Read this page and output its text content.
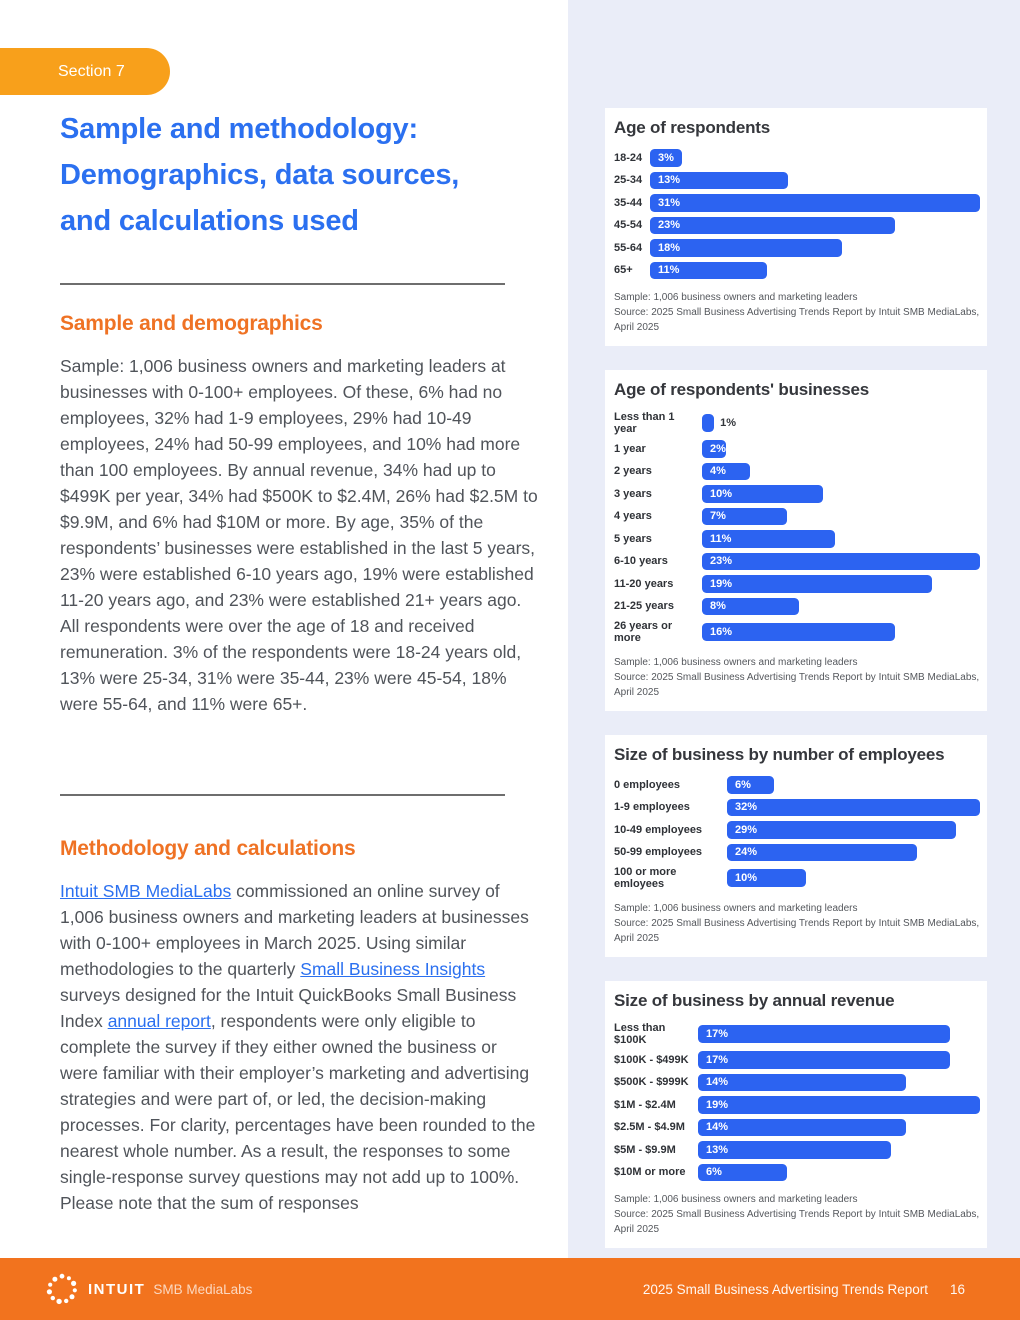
Section 7
Sample and methodology:
Demographics, data sources,
and calculations used
Sample and demographics

Sample: 1,006 business owners and marketing leaders at businesses with 0-100+ employees. Of these, 6% had no employees, 32% had 1-9 employees, 29% had 10-49 employees, 24% had 50-99 employees, and 10% had more than 100 employees. By annual revenue, 34% had up to $499K per year, 34% had $500K to $2.4M, 26% had $2.5M to $9.9M, and 6% had $10M or more. By age, 35% of the respondents’ businesses were established in the last 5 years, 23% were established 6-10 years ago, 19% were established 11-20 years ago, and 23% were established 21+ years ago. All respondents were over the age of 18 and received remuneration. 3% of the respondents were 18-24 years old, 13% were 25-34, 31% were 35-44, 23% were 45-54, 18% were 55-64, and 11% were 65+.

Methodology and calculations

Intuit SMB MediaLabs commissioned an online survey of 1,006 business owners and marketing leaders at businesses with 0-100+ employees in March 2025. Using similar methodologies to the quarterly Small Business Insights surveys designed for the Intuit QuickBooks Small Business Index annual report, respondents were only eligible to complete the survey if they either owned the business or were familiar with their employer’s marketing and advertising strategies and were part of, or led, the decision-making processes. For clarity, percentages have been rounded to the nearest whole number. As a result, the responses to some single-response survey questions may not add up to 100%. Please note that the sum of responses

Age of respondents
18-24	3%
25-34	13%
35-44	31%
45-54	23%
55-64	18%
65+	11%

Sample: 1,006 business owners and marketing leaders

Source: 2025 Small Business Advertising Trends Report by Intuit SMB MediaLabs, April 2025

Age of respondents' businesses
Less than 1 year	1%
1 year	2%
2 years	4%
3 years	10%
4 years	7%
5 years	11%
6-10 years	23%
11-20 years	19%
21-25 years	8%
26 years or more	16%

Sample: 1,006 business owners and marketing leaders

Source: 2025 Small Business Advertising Trends Report by Intuit SMB MediaLabs, April 2025

Size of business by number of employees
0 employees	6%
1-9 employees	32%
10-49 employees	29%
50-99 employees	24%
100 or more emloyees	10%

Sample: 1,006 business owners and marketing leaders

Source: 2025 Small Business Advertising Trends Report by Intuit SMB MediaLabs, April 2025

Size of business by annual revenue
Less than $100K	17%
$100K - $499K	17%
$500K - $999K	14%
$1M - $2.4M	19%
$2.5M - $4.9M	14%
$5M - $9.9M	13%
$10M or more	6%

Sample: 1,006 business owners and marketing leaders

Source: 2025 Small Business Advertising Trends Report by Intuit SMB MediaLabs, April 2025

INTUIT SMB MediaLabs	2025 Small Business Advertising Trends Report 16
